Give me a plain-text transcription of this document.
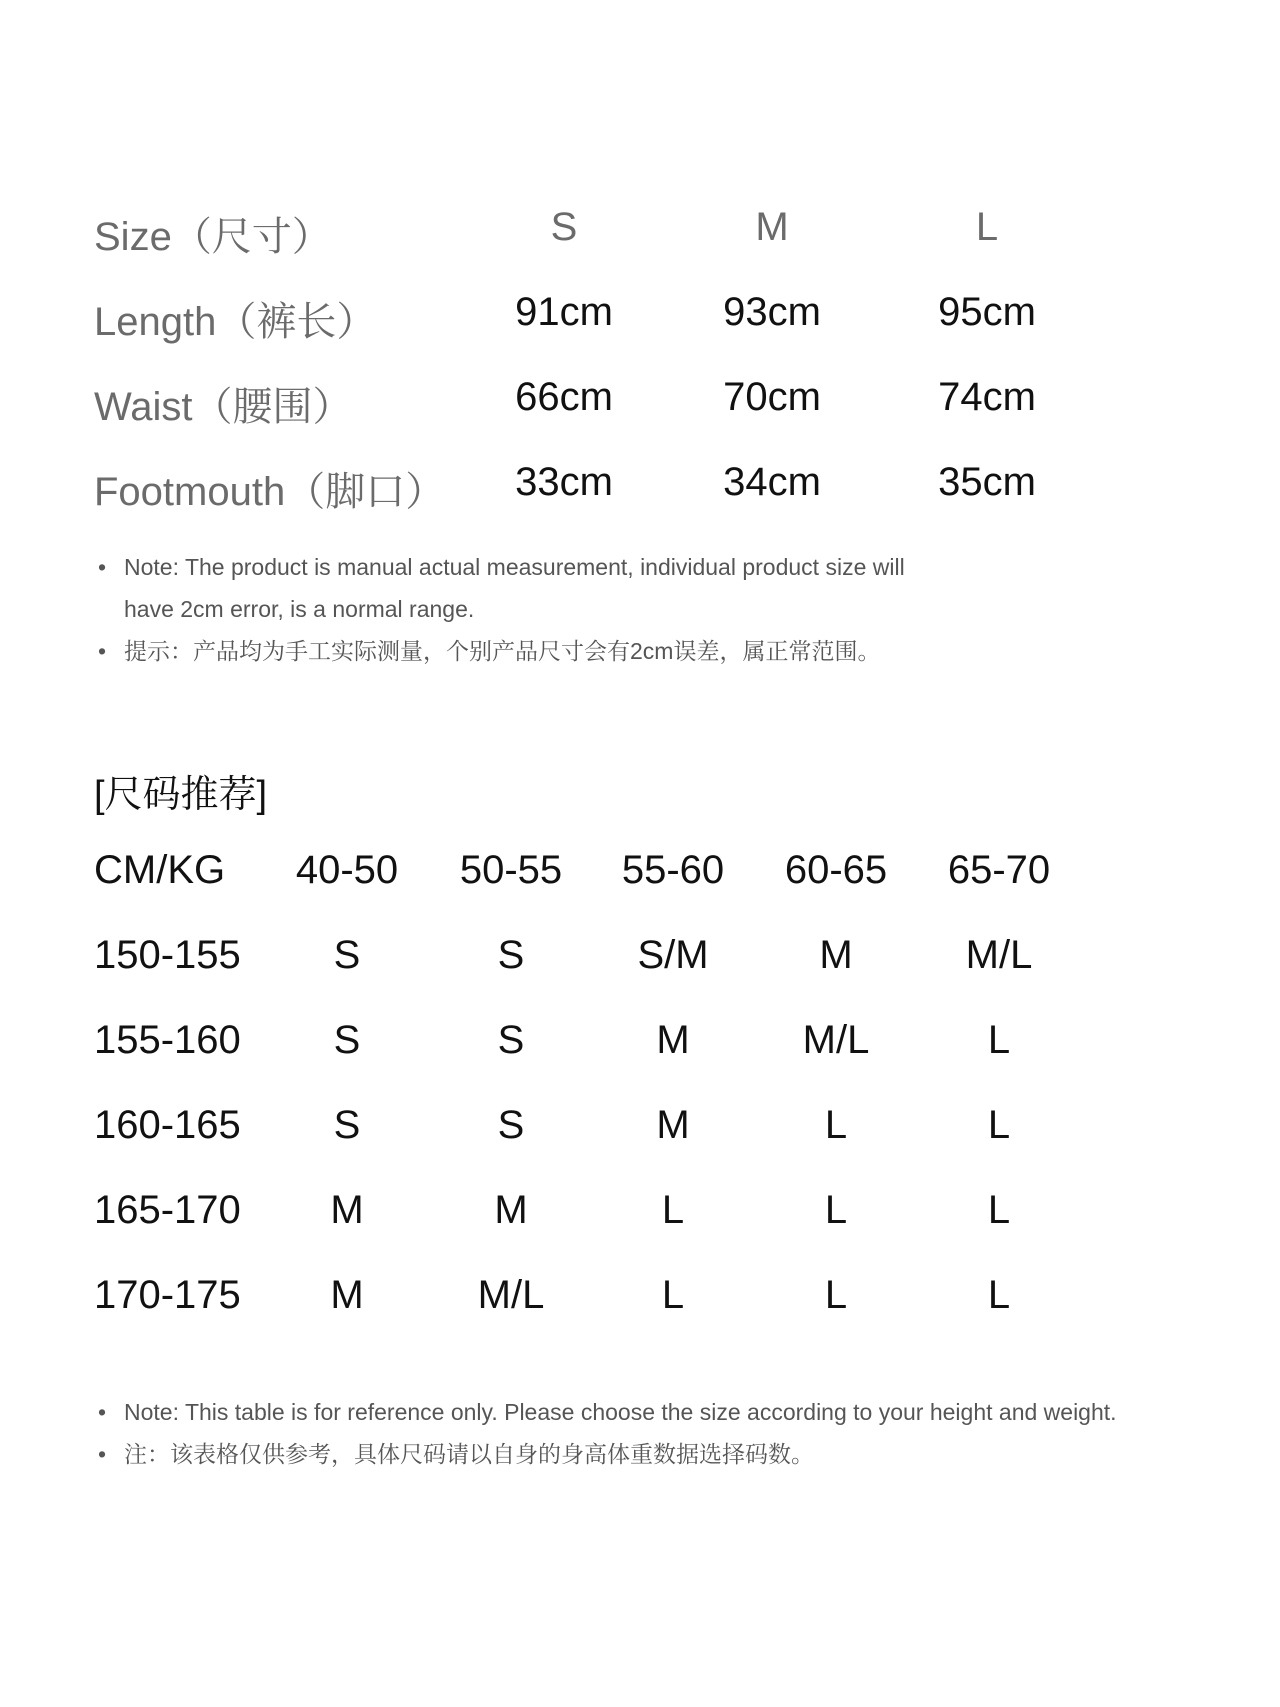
Size（尺寸）	S	M	L
Length（裤长）	91cm	93cm	95cm
Waist（腰围）	66cm	70cm	74cm
Footmouth（脚口）	33cm	34cm	35cm
• Note: The product is manual actual measurement, individual product size will have 2cm error, is a normal range.
• 提示：产品均为手工实际测量，个别产品尺寸会有2cm误差，属正常范围。
[尺码推荐]
CM/KG	40-50	50-55	55-60	60-65	65-70
150-155	S	S	S/M	M	M/L
155-160	S	S	M	M/L	L
160-165	S	S	M	L	L
165-170	M	M	L	L	L
170-175	M	M/L	L	L	L
• Note: This table is for reference only. Please choose the size according to your height and weight.
• 注：该表格仅供参考，具体尺码请以自身的身高体重数据选择码数。
